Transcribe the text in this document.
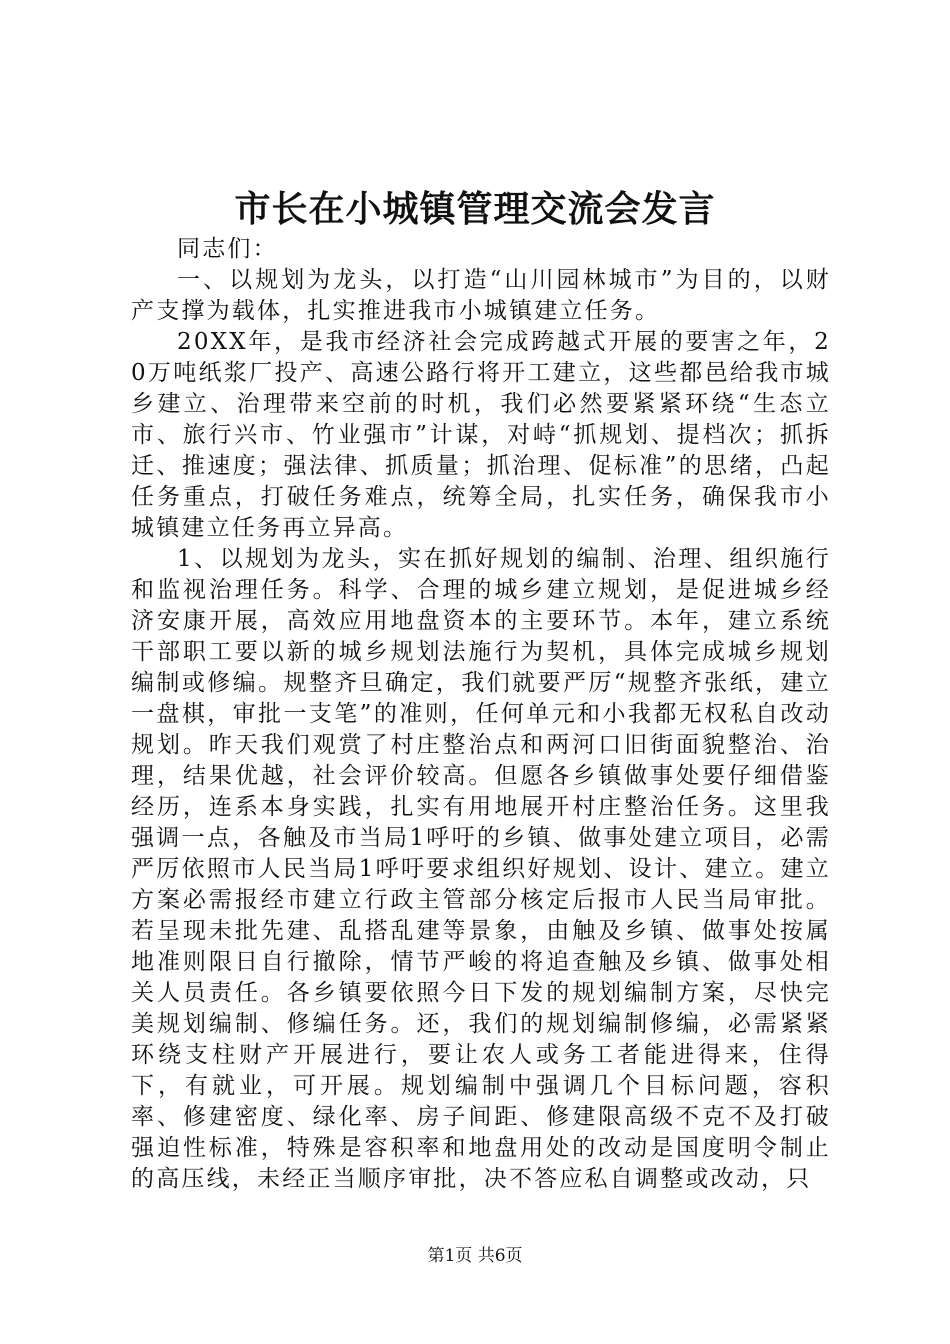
市长在小城镇管理交流会发言

同志们：

一、以规划为龙头，以打造“山川园林城市”为目的，以财产支撑为载体，扎实推进我市小城镇建立任务。

20XX年，是我市经济社会完成跨越式开展的要害之年，20万吨纸浆厂投产、高速公路行将开工建立，这些都邑给我市城乡建立、治理带来空前的时机，我们必然要紧紧环绕“生态立市、旅行兴市、竹业强市”计谋，对峙“抓规划、提档次；抓拆迁、推速度；强法律、抓质量；抓治理、促标准”的思绪，凸起任务重点，打破任务难点，统筹全局，扎实任务，确保我市小城镇建立任务再立异高。

1、以规划为龙头，实在抓好规划的编制、治理、组织施行和监视治理任务。科学、合理的城乡建立规划，是促进城乡经济安康开展，高效应用地盘资本的主要环节。本年，建立系统干部职工要以新的城乡规划法施行为契机，具体完成城乡规划编制或修编。规整齐旦确定，我们就要严厉“规整齐张纸，建立一盘棋，审批一支笔”的准则，任何单元和小我都无权私自改动规划。昨天我们观赏了村庄整治点和两河口旧街面貌整治、治理，结果优越，社会评价较高。但愿各乡镇做事处要仔细借鉴经历，连系本身实践，扎实有用地展开村庄整治任务。这里我强调一点，各触及市当局1呼吁的乡镇、做事处建立项目，必需严厉依照市人民当局1呼吁要求组织好规划、设计、建立。建立方案必需报经市建立行政主管部分核定后报市人民当局审批。若呈现未批先建、乱搭乱建等景象，由触及乡镇、做事处按属地准则限日自行撤除，情节严峻的将追查触及乡镇、做事处相关人员责任。各乡镇要依照今日下发的规划编制方案，尽快完美规划编制、修编任务。还，我们的规划编制修编，必需紧紧环绕支柱财产开展进行，要让农人或务工者能进得来，住得下，有就业，可开展。规划编制中强调几个目标问题，容积率、修建密度、绿化率、房子间距、修建限高级不克不及打破强迫性标准，特殊是容积率和地盘用处的改动是国度明令制止的高压线，未经正当顺序审批，决不答应私自调整或改动，只

第1页 共6页
